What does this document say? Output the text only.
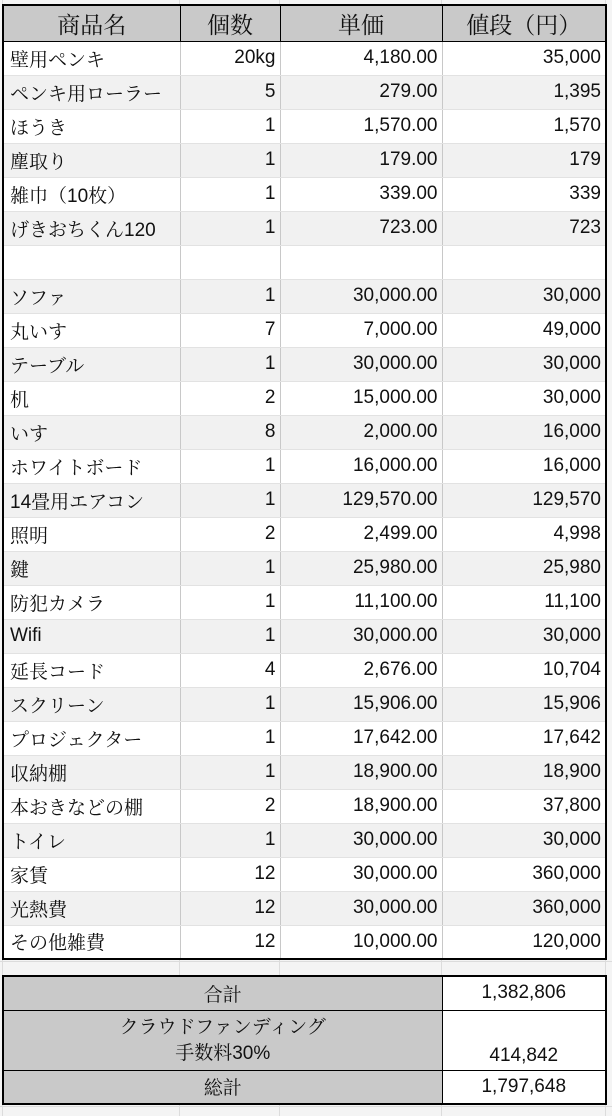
商品名	個数	単価	値段（円）
壁用ペンキ	20kg	4,180.00	35,000
ペンキ用ローラー	5	279.00	1,395
ほうき	1	1,570.00	1,570
塵取り	1	179.00	179
雑巾（10枚）	1	339.00	339
げきおちくん120	1	723.00	723

ソファ	1	30,000.00	30,000
丸いす	7	7,000.00	49,000
テーブル	1	30,000.00	30,000
机	2	15,000.00	30,000
いす	8	2,000.00	16,000
ホワイトボード	1	16,000.00	16,000
14畳用エアコン	1	129,570.00	129,570
照明	2	2,499.00	4,998
鍵	1	25,980.00	25,980
防犯カメラ	1	11,100.00	11,100
Wifi	1	30,000.00	30,000
延長コード	4	2,676.00	10,704
スクリーン	1	15,906.00	15,906
プロジェクター	1	17,642.00	17,642
収納棚	1	18,900.00	18,900
本おきなどの棚	2	18,900.00	37,800
トイレ	1	30,000.00	30,000
家賃	12	30,000.00	360,000
光熱費	12	30,000.00	360,000
その他雑費	12	10,000.00	120,000
合計	1,382,806

クラウドファンディング
手数料30%	414,842
総計	1,797,648
